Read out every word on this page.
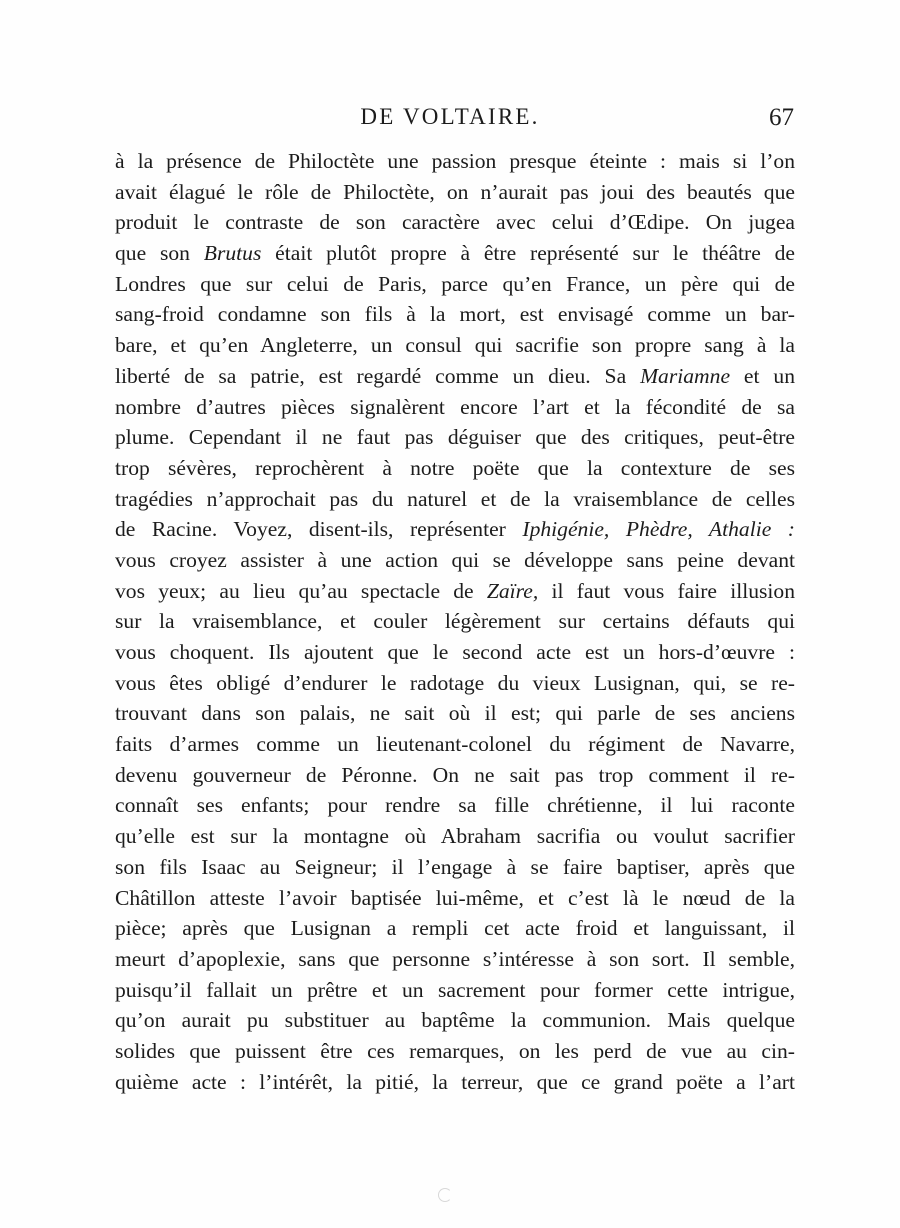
DE VOLTAIRE.	67
à la présence de Philoctète une passion presque éteinte : mais si l’on
avait élagué le rôle de Philoctète, on n’aurait pas joui des beautés que
produit le contraste de son caractère avec celui d’Œdipe. On jugea
que son Brutus était plutôt propre à être représenté sur le théâtre de
Londres que sur celui de Paris, parce qu’en France, un père qui de
sang-froid condamne son fils à la mort, est envisagé comme un bar-
bare, et qu’en Angleterre, un consul qui sacrifie son propre sang à la
liberté de sa patrie, est regardé comme un dieu. Sa Mariamne et un
nombre d’autres pièces signalèrent encore l’art et la fécondité de sa
plume. Cependant il ne faut pas déguiser que des critiques, peut-être
trop sévères, reprochèrent à notre poëte que la contexture de ses
tragédies n’approchait pas du naturel et de la vraisemblance de celles
de Racine. Voyez, disent-ils, représenter Iphigénie, Phèdre, Athalie :
vous croyez assister à une action qui se développe sans peine devant
vos yeux; au lieu qu’au spectacle de Zaïre, il faut vous faire illusion
sur la vraisemblance, et couler légèrement sur certains défauts qui
vous choquent. Ils ajoutent que le second acte est un hors-d’œuvre :
vous êtes obligé d’endurer le radotage du vieux Lusignan, qui, se re-
trouvant dans son palais, ne sait où il est; qui parle de ses anciens
faits d’armes comme un lieutenant-colonel du régiment de Navarre,
devenu gouverneur de Péronne. On ne sait pas trop comment il re-
connaît ses enfants; pour rendre sa fille chrétienne, il lui raconte
qu’elle est sur la montagne où Abraham sacrifia ou voulut sacrifier
son fils Isaac au Seigneur; il l’engage à se faire baptiser, après que
Châtillon atteste l’avoir baptisée lui-même, et c’est là le nœud de la
pièce; après que Lusignan a rempli cet acte froid et languissant, il
meurt d’apoplexie, sans que personne s’intéresse à son sort. Il semble,
puisqu’il fallait un prêtre et un sacrement pour former cette intrigue,
qu’on aurait pu substituer au baptême la communion. Mais quelque
solides que puissent être ces remarques, on les perd de vue au cin-
quième acte : l’intérêt, la pitié, la terreur, que ce grand poëte a l’art
